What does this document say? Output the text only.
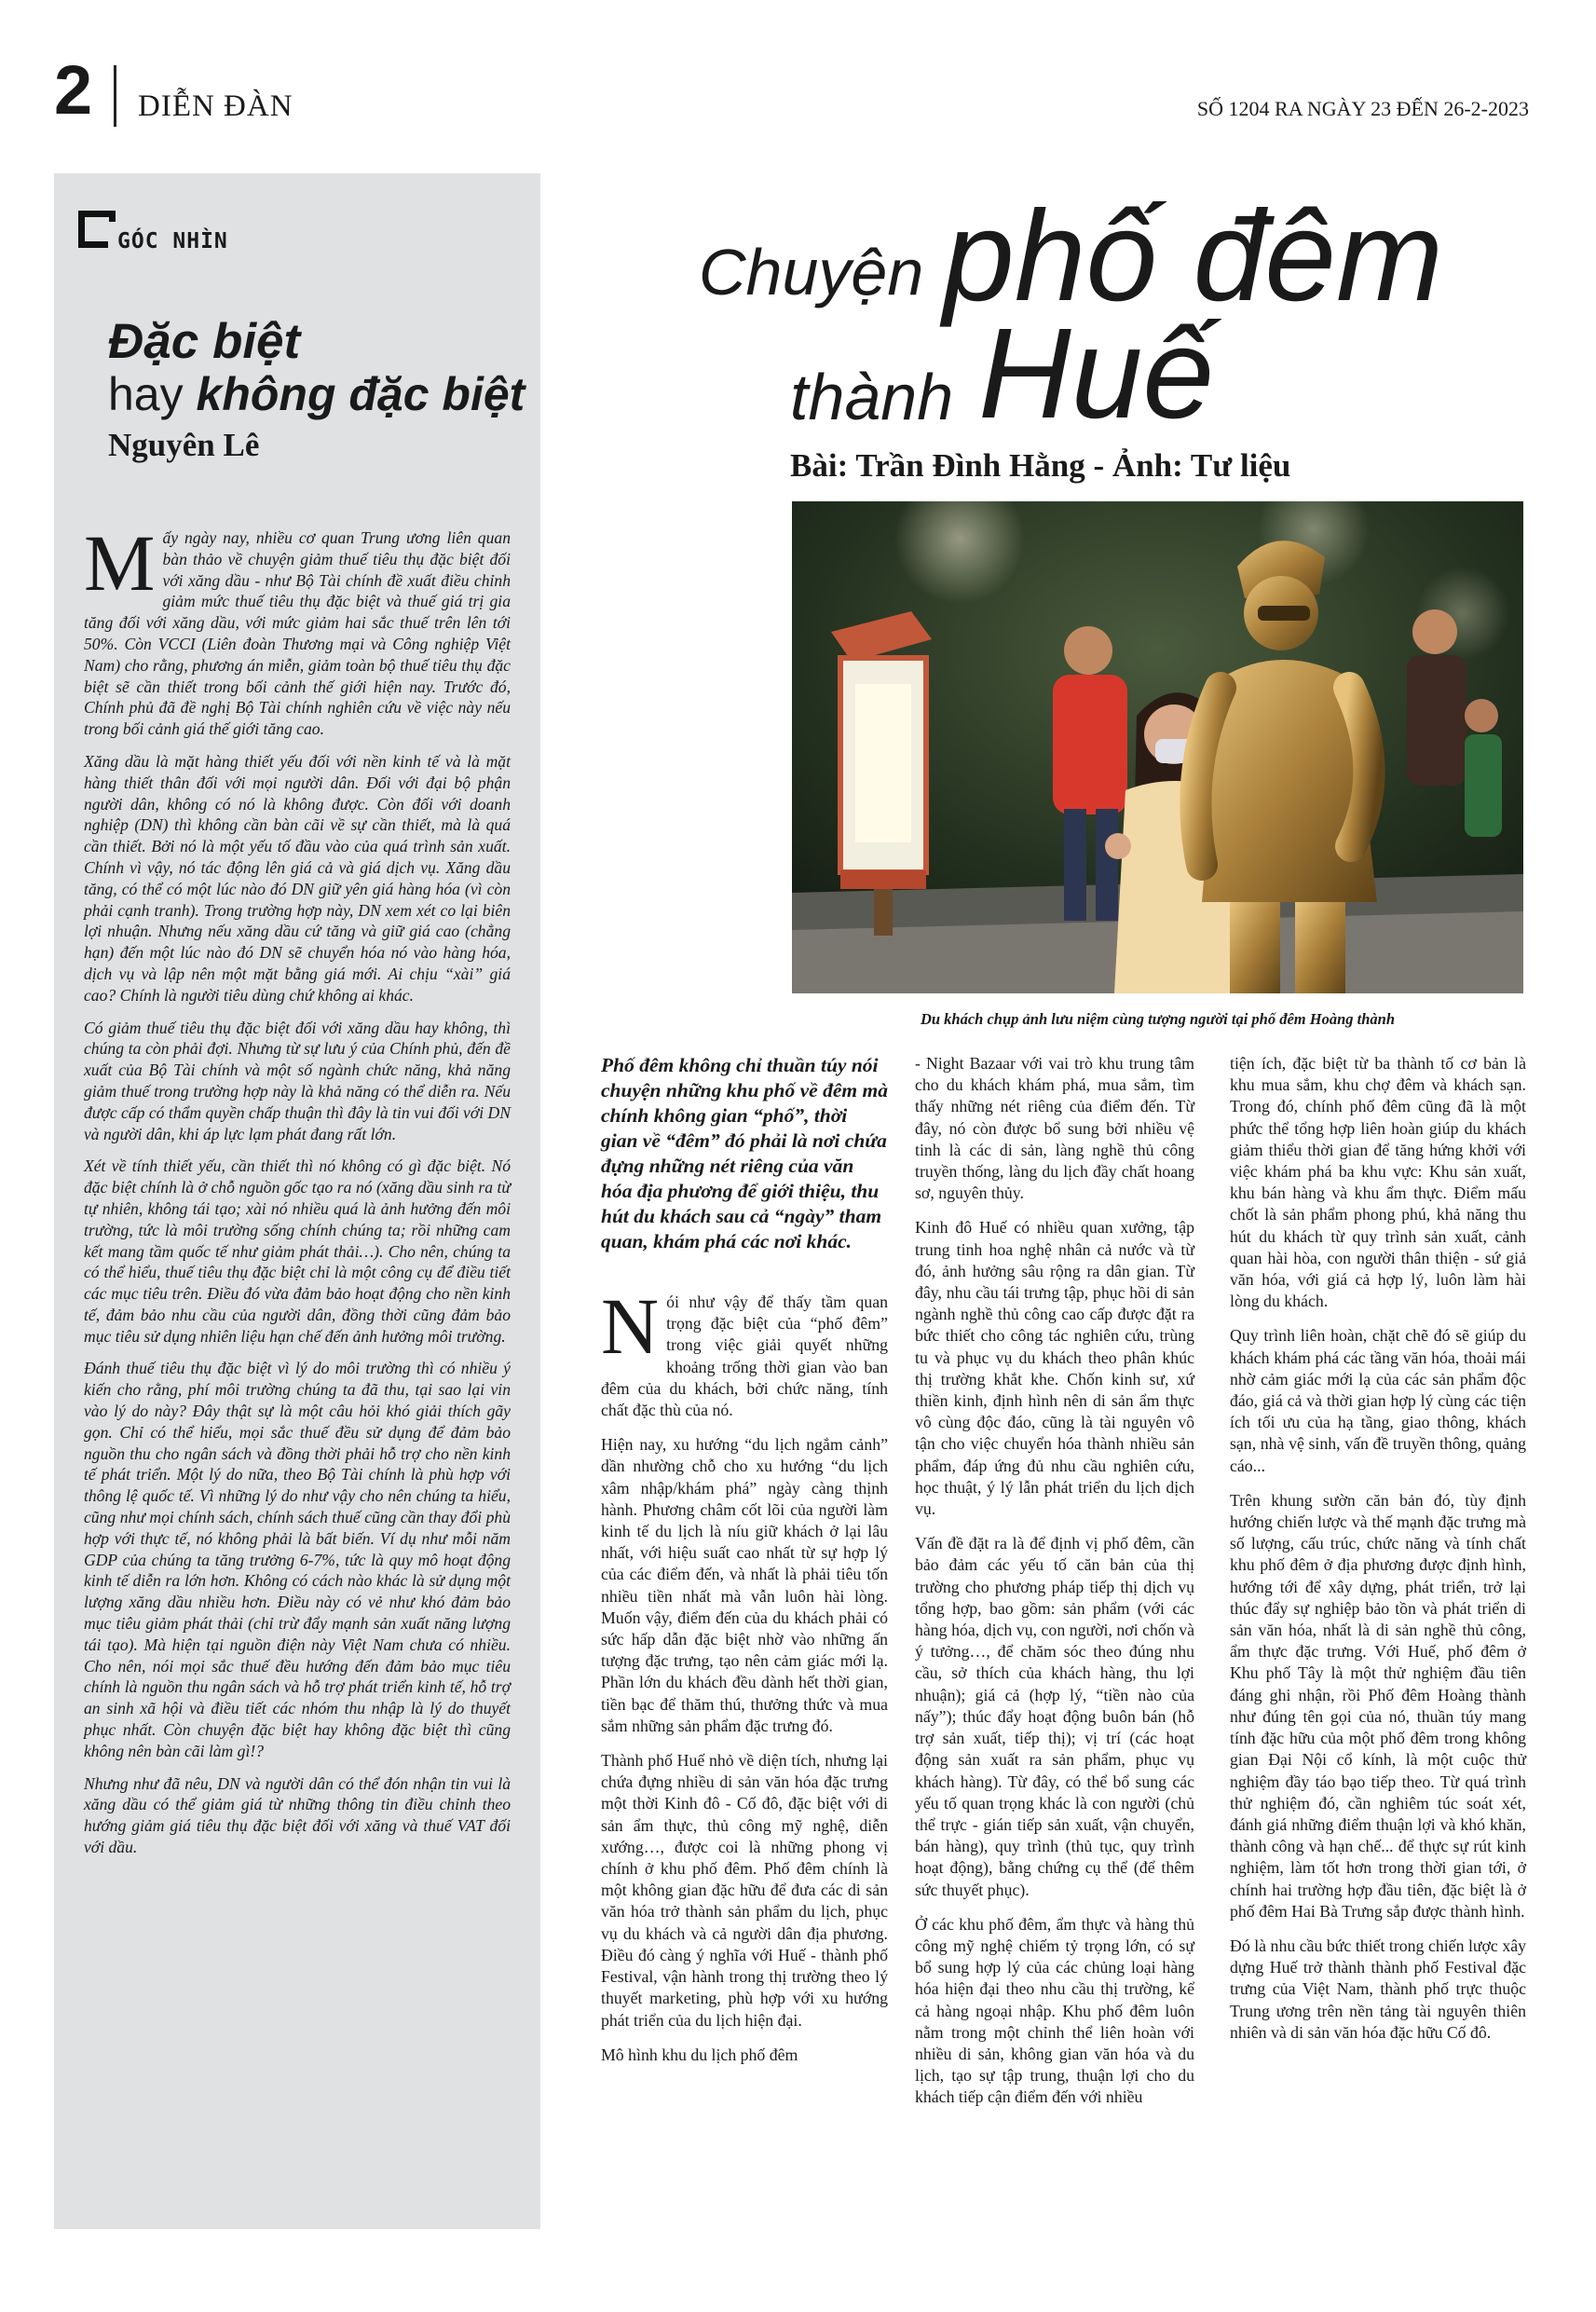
2 DIỄN ĐÀN	SỐ 1204 RA NGÀY 23 ĐẾN 26-2-2023
GÓC NHÌN
Đặc biệt
hay không đặc biệt
Nguyên Lê

Mấy ngày nay, nhiều cơ quan Trung ương liên quan bàn thảo về chuyện giảm thuế tiêu thụ đặc biệt đối với xăng dầu - như Bộ Tài chính đề xuất điều chỉnh giảm mức thuế tiêu thụ đặc biệt và thuế giá trị gia tăng đối với xăng dầu, với mức giảm hai sắc thuế trên lên tới 50%. Còn VCCI (Liên đoàn Thương mại và Công nghiệp Việt Nam) cho rằng, phương án miễn, giảm toàn bộ thuế tiêu thụ đặc biệt sẽ cần thiết trong bối cảnh thế giới hiện nay. Trước đó, Chính phủ đã đề nghị Bộ Tài chính nghiên cứu về việc này nếu trong bối cảnh giá thế giới tăng cao.

Xăng dầu là mặt hàng thiết yếu đối với nền kinh tế và là mặt hàng thiết thân đối với mọi người dân. Đối với đại bộ phận người dân, không có nó là không được. Còn đối với doanh nghiệp (DN) thì không cần bàn cãi về sự cần thiết, mà là quá cần thiết. Bởi nó là một yếu tố đầu vào của quá trình sản xuất. Chính vì vậy, nó tác động lên giá cả và giá dịch vụ. Xăng dầu tăng, có thể có một lúc nào đó DN giữ yên giá hàng hóa (vì còn phải cạnh tranh). Trong trường hợp này, DN xem xét co lại biên lợi nhuận. Nhưng nếu xăng dầu cứ tăng và giữ giá cao (chẳng hạn) đến một lúc nào đó DN sẽ chuyển hóa nó vào hàng hóa, dịch vụ và lập nên một mặt bằng giá mới. Ai chịu “xài” giá cao? Chính là người tiêu dùng chứ không ai khác.

Có giảm thuế tiêu thụ đặc biệt đối với xăng dầu hay không, thì chúng ta còn phải đợi. Nhưng từ sự lưu ý của Chính phủ, đến đề xuất của Bộ Tài chính và một số ngành chức năng, khả năng giảm thuế trong trường hợp này là khả năng có thể diễn ra. Nếu được cấp có thẩm quyền chấp thuận thì đây là tin vui đối với DN và người dân, khi áp lực lạm phát đang rất lớn.

Xét về tính thiết yếu, cần thiết thì nó không có gì đặc biệt. Nó đặc biệt chính là ở chỗ nguồn gốc tạo ra nó (xăng dầu sinh ra từ tự nhiên, không tái tạo; xài nó nhiều quá là ảnh hưởng đến môi trường, tức là môi trường sống chính chúng ta; rồi những cam kết mang tầm quốc tế như giảm phát thải…). Cho nên, chúng ta có thể hiểu, thuế tiêu thụ đặc biệt chỉ là một công cụ để điều tiết các mục tiêu trên. Điều đó vừa đảm bảo hoạt động cho nền kinh tế, đảm bảo nhu cầu của người dân, đồng thời cũng đảm bảo mục tiêu sử dụng nhiên liệu hạn chế đến ảnh hưởng môi trường.

Đánh thuế tiêu thụ đặc biệt vì lý do môi trường thì có nhiều ý kiến cho rằng, phí môi trường chúng ta đã thu, tại sao lại vin vào lý do này? Đây thật sự là một câu hỏi khó giải thích gãy gọn. Chỉ có thể hiểu, mọi sắc thuế đều sử dụng để đảm bảo nguồn thu cho ngân sách và đồng thời phải hỗ trợ cho nền kinh tế phát triển. Một lý do nữa, theo Bộ Tài chính là phù hợp với thông lệ quốc tế. Vì những lý do như vậy cho nên chúng ta hiểu, cũng như mọi chính sách, chính sách thuế cũng cần thay đổi phù hợp với thực tế, nó không phải là bất biến. Ví dụ như mỗi năm GDP của chúng ta tăng trưởng 6-7%, tức là quy mô hoạt động kinh tế diễn ra lớn hơn. Không có cách nào khác là sử dụng một lượng xăng dầu nhiều hơn. Điều này có vẻ như khó đảm bảo mục tiêu giảm phát thải (chỉ trừ đẩy mạnh sản xuất năng lượng tái tạo). Mà hiện tại nguồn điện này Việt Nam chưa có nhiều. Cho nên, nói mọi sắc thuế đều hướng đến đảm bảo mục tiêu chính là nguồn thu ngân sách và hỗ trợ phát triển kinh tế, hỗ trợ an sinh xã hội và điều tiết các nhóm thu nhập là lý do thuyết phục nhất. Còn chuyện đặc biệt hay không đặc biệt thì cũng không nên bàn cãi làm gì!?

Nhưng như đã nêu, DN và người dân có thể đón nhận tin vui là xăng dầu có thể giảm giá từ những thông tin điều chỉnh theo hướng giảm giá tiêu thụ đặc biệt đối với xăng và thuế VAT đối với dầu.

Chuyện phố đêm
thành Huế
Bài: Trần Đình Hằng - Ảnh: Tư liệu
Du khách chụp ảnh lưu niệm cùng tượng người tại phố đêm Hoàng thành

Phố đêm không chỉ thuần túy nói chuyện những khu phố về đêm mà chính không gian “phố”, thời gian về “đêm” đó phải là nơi chứa đựng những nét riêng của văn hóa địa phương để giới thiệu, thu hút du khách sau cả “ngày” tham quan, khám phá các nơi khác.

Nói như vậy để thấy tầm quan trọng đặc biệt của “phố đêm” trong việc giải quyết những khoảng trống thời gian vào ban đêm của du khách, bởi chức năng, tính chất đặc thù của nó.

Hiện nay, xu hướng “du lịch ngắm cảnh” dần nhường chỗ cho xu hướng “du lịch xâm nhập/khám phá” ngày càng thịnh hành. Phương châm cốt lõi của người làm kinh tế du lịch là níu giữ khách ở lại lâu nhất, với hiệu suất cao nhất từ sự hợp lý của các điểm đến, và nhất là phải tiêu tốn nhiều tiền nhất mà vẫn luôn hài lòng. Muốn vậy, điểm đến của du khách phải có sức hấp dẫn đặc biệt nhờ vào những ấn tượng đặc trưng, tạo nên cảm giác mới lạ. Phần lớn du khách đều dành hết thời gian, tiền bạc để thăm thú, thưởng thức và mua sắm những sản phẩm đặc trưng đó.

Thành phố Huế nhỏ về diện tích, nhưng lại chứa đựng nhiều di sản văn hóa đặc trưng một thời Kinh đô - Cố đô, đặc biệt với di sản ẩm thực, thủ công mỹ nghệ, diễn xướng…, được coi là những phong vị chính ở khu phố đêm. Phố đêm chính là một không gian đặc hữu để đưa các di sản văn hóa trở thành sản phẩm du lịch, phục vụ du khách và cả người dân địa phương. Điều đó càng ý nghĩa với Huế - thành phố Festival, vận hành trong thị trường theo lý thuyết marketing, phù hợp với xu hướng phát triển của du lịch hiện đại.

Mô hình khu du lịch phố đêm

- Night Bazaar với vai trò khu trung tâm cho du khách khám phá, mua sắm, tìm thấy những nét riêng của điểm đến. Từ đây, nó còn được bổ sung bởi nhiều vệ tinh là các di sản, làng nghề thủ công truyền thống, làng du lịch đầy chất hoang sơ, nguyên thủy.

Kinh đô Huế có nhiều quan xưởng, tập trung tinh hoa nghệ nhân cả nước và từ đó, ảnh hưởng sâu rộng ra dân gian. Từ đây, nhu cầu tái trưng tập, phục hồi di sản ngành nghề thủ công cao cấp được đặt ra bức thiết cho công tác nghiên cứu, trùng tu và phục vụ du khách theo phân khúc thị trường khắt khe. Chốn kinh sư, xứ thiền kinh, định hình nên di sản ẩm thực vô cùng độc đáo, cũng là tài nguyên vô tận cho việc chuyển hóa thành nhiều sản phẩm, đáp ứng đủ nhu cầu nghiên cứu, học thuật, ý lý lẫn phát triển du lịch dịch vụ.

Vấn đề đặt ra là để định vị phố đêm, cần bảo đảm các yếu tố căn bản của thị trường cho phương pháp tiếp thị dịch vụ tổng hợp, bao gồm: sản phẩm (với các hàng hóa, dịch vụ, con người, nơi chốn và ý tưởng…, để chăm sóc theo đúng nhu cầu, sở thích của khách hàng, thu lợi nhuận); giá cả (hợp lý, “tiền nào của nấy”); thúc đẩy hoạt động buôn bán (hỗ trợ sản xuất, tiếp thị); vị trí (các hoạt động sản xuất ra sản phẩm, phục vụ khách hàng). Từ đây, có thể bổ sung các yếu tố quan trọng khác là con người (chủ thể trực - gián tiếp sản xuất, vận chuyển, bán hàng), quy trình (thủ tục, quy trình hoạt động), bằng chứng cụ thể (để thêm sức thuyết phục).

Ở các khu phố đêm, ẩm thực và hàng thủ công mỹ nghệ chiếm tỷ trọng lớn, có sự bổ sung hợp lý của các chủng loại hàng hóa hiện đại theo nhu cầu thị trường, kể cả hàng ngoại nhập. Khu phố đêm luôn nằm trong một chỉnh thể liên hoàn với nhiều di sản, không gian văn hóa và du lịch, tạo sự tập trung, thuận lợi cho du khách tiếp cận điểm đến với nhiều

tiện ích, đặc biệt từ ba thành tố cơ bản là khu mua sắm, khu chợ đêm và khách sạn. Trong đó, chính phố đêm cũng đã là một phức thể tổng hợp liên hoàn giúp du khách giảm thiểu thời gian để tăng hứng khởi với việc khám phá ba khu vực: Khu sản xuất, khu bán hàng và khu ẩm thực. Điểm mấu chốt là sản phẩm phong phú, khả năng thu hút du khách từ quy trình sản xuất, cảnh quan hài hòa, con người thân thiện - sứ giả văn hóa, với giá cả hợp lý, luôn làm hài lòng du khách.

Quy trình liên hoàn, chặt chẽ đó sẽ giúp du khách khám phá các tầng văn hóa, thoải mái nhờ cảm giác mới lạ của các sản phẩm độc đáo, giá cả và thời gian hợp lý cùng các tiện ích tối ưu của hạ tầng, giao thông, khách sạn, nhà vệ sinh, vấn đề truyền thông, quảng cáo...

Trên khung sườn căn bản đó, tùy định hướng chiến lược và thế mạnh đặc trưng mà số lượng, cấu trúc, chức năng và tính chất khu phố đêm ở địa phương được định hình, hướng tới để xây dựng, phát triển, trở lại thúc đẩy sự nghiệp bảo tồn và phát triển di sản văn hóa, nhất là di sản nghề thủ công, ẩm thực đặc trưng. Với Huế, phố đêm ở Khu phố Tây là một thử nghiệm đầu tiên đáng ghi nhận, rồi Phố đêm Hoàng thành như đúng tên gọi của nó, thuần túy mang tính đặc hữu của một phố đêm trong không gian Đại Nội cổ kính, là một cuộc thử nghiệm đầy táo bạo tiếp theo. Từ quá trình thử nghiệm đó, cần nghiêm túc soát xét, đánh giá những điểm thuận lợi và khó khăn, thành công và hạn chế... để thực sự rút kinh nghiệm, làm tốt hơn trong thời gian tới, ở chính hai trường hợp đầu tiên, đặc biệt là ở phố đêm Hai Bà Trưng sắp được thành hình.

Đó là nhu cầu bức thiết trong chiến lược xây dựng Huế trở thành thành phố Festival đặc trưng của Việt Nam, thành phố trực thuộc Trung ương trên nền tảng tài nguyên thiên nhiên và di sản văn hóa đặc hữu Cố đô.
